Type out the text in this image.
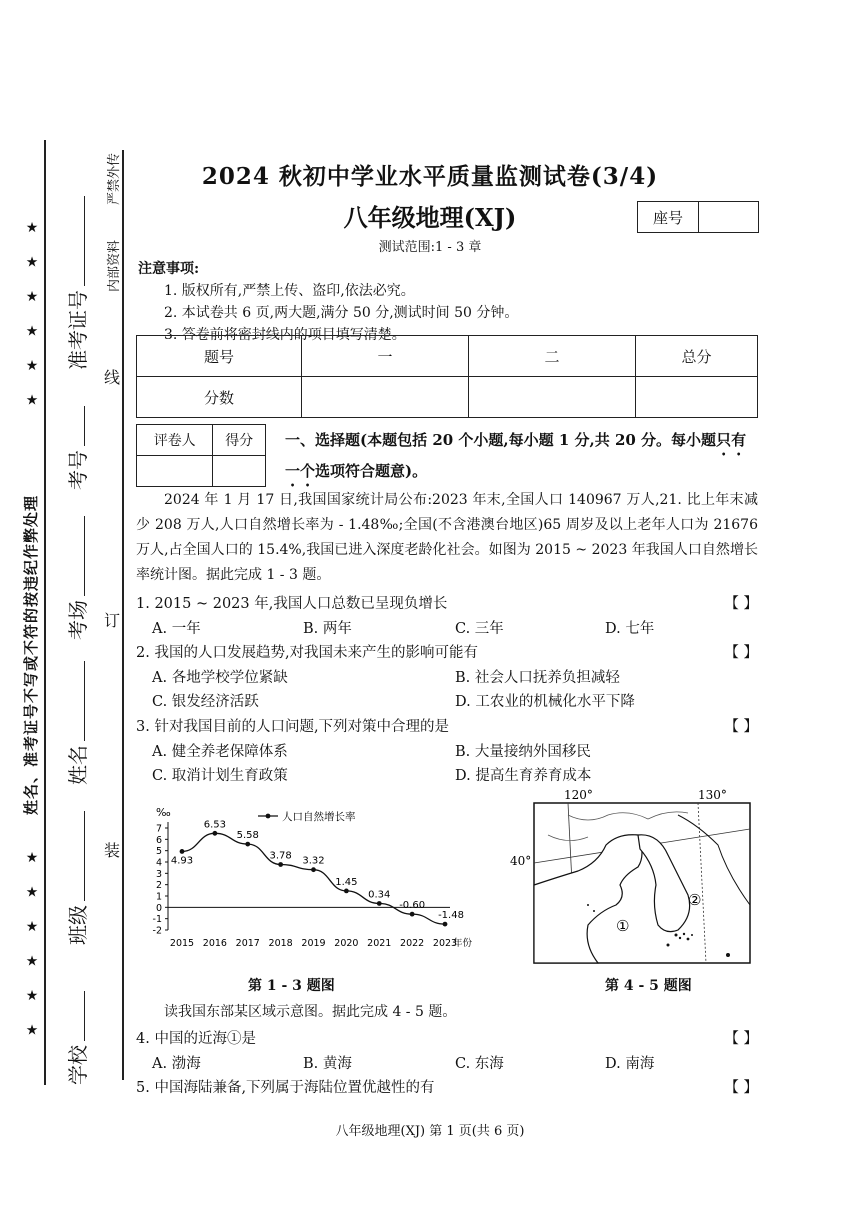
★ ★ ★ ★ ★ ★
★ ★ ★ ★ ★ ★
姓名、准考证号不写或不符的按违纪作弊处理
准考证号
考号
考场
姓名
班级
学校
线
订
装
内部资料
严禁外传	2024 秋初中学业水平质量监测试卷(3/4)
八年级地理(XJ)
测试范围:1 - 3 章
座号
注意事项:
1. 版权所有,严禁上传、盗印,依法必究。
2. 本试卷共 6 页,两大题,满分 50 分,测试时间 50 分钟。
3. 答卷前将密封线内的项目填写清楚。
题号	一	二	总分
分数			
评卷人	得分
	一、选择题(本题包括 20 个小题,每小题 1 分,共 20 分。每小题只有
一个选项符合题意)。
2024 年 1 月 17 日,我国国家统计局公布:2023 年末,全国人口 140967 万人,21. 比上年末减少 208 万人,人口自然增长率为 - 1.48‰;全国(不含港澳台地区)65 周岁及以上老年人口为 21676 万人,占全国人口的 15.4%,我国已进入深度老龄化社会。如图为 2015 ~ 2023 年我国人口自然增长率统计图。据此完成 1 - 3 题。
1. 2015 ~ 2023 年,我国人口总数已呈现负增长	【 】
A. 一年	B. 两年	C. 三年	D. 七年
2. 我国的人口发展趋势,对我国未来产生的影响可能有	【 】
A. 各地学校学位紧缺	B. 社会人口抚养负担减轻
C. 银发经济活跃	D. 工农业的机械化水平下降
3. 针对我国目前的人口问题,下列对策中合理的是	【 】
A. 健全养老保障体系	B. 大量接纳外国移民
C. 取消计划生育政策	D. 提高生育养育成本
‰
7
6
5
4
3
2
1
0
-1
-2
2015 2016 2017 2018 2019 2020 2021 2022 2023
年份
4.93
6.53
5.58
3.78 3.32
1.45
0.34
-0.60
-1.48
人口自然增长率
120°	130°
40°
①
②
第 1 - 3 题图	第 4 - 5 题图
读我国东部某区域示意图。据此完成 4 - 5 题。
4. 中国的近海①是	【 】
A. 渤海	B. 黄海	C. 东海	D. 南海
5. 中国海陆兼备,下列属于海陆位置优越性的有	【 】
八年级地理(XJ) 第 1 页(共 6 页)
